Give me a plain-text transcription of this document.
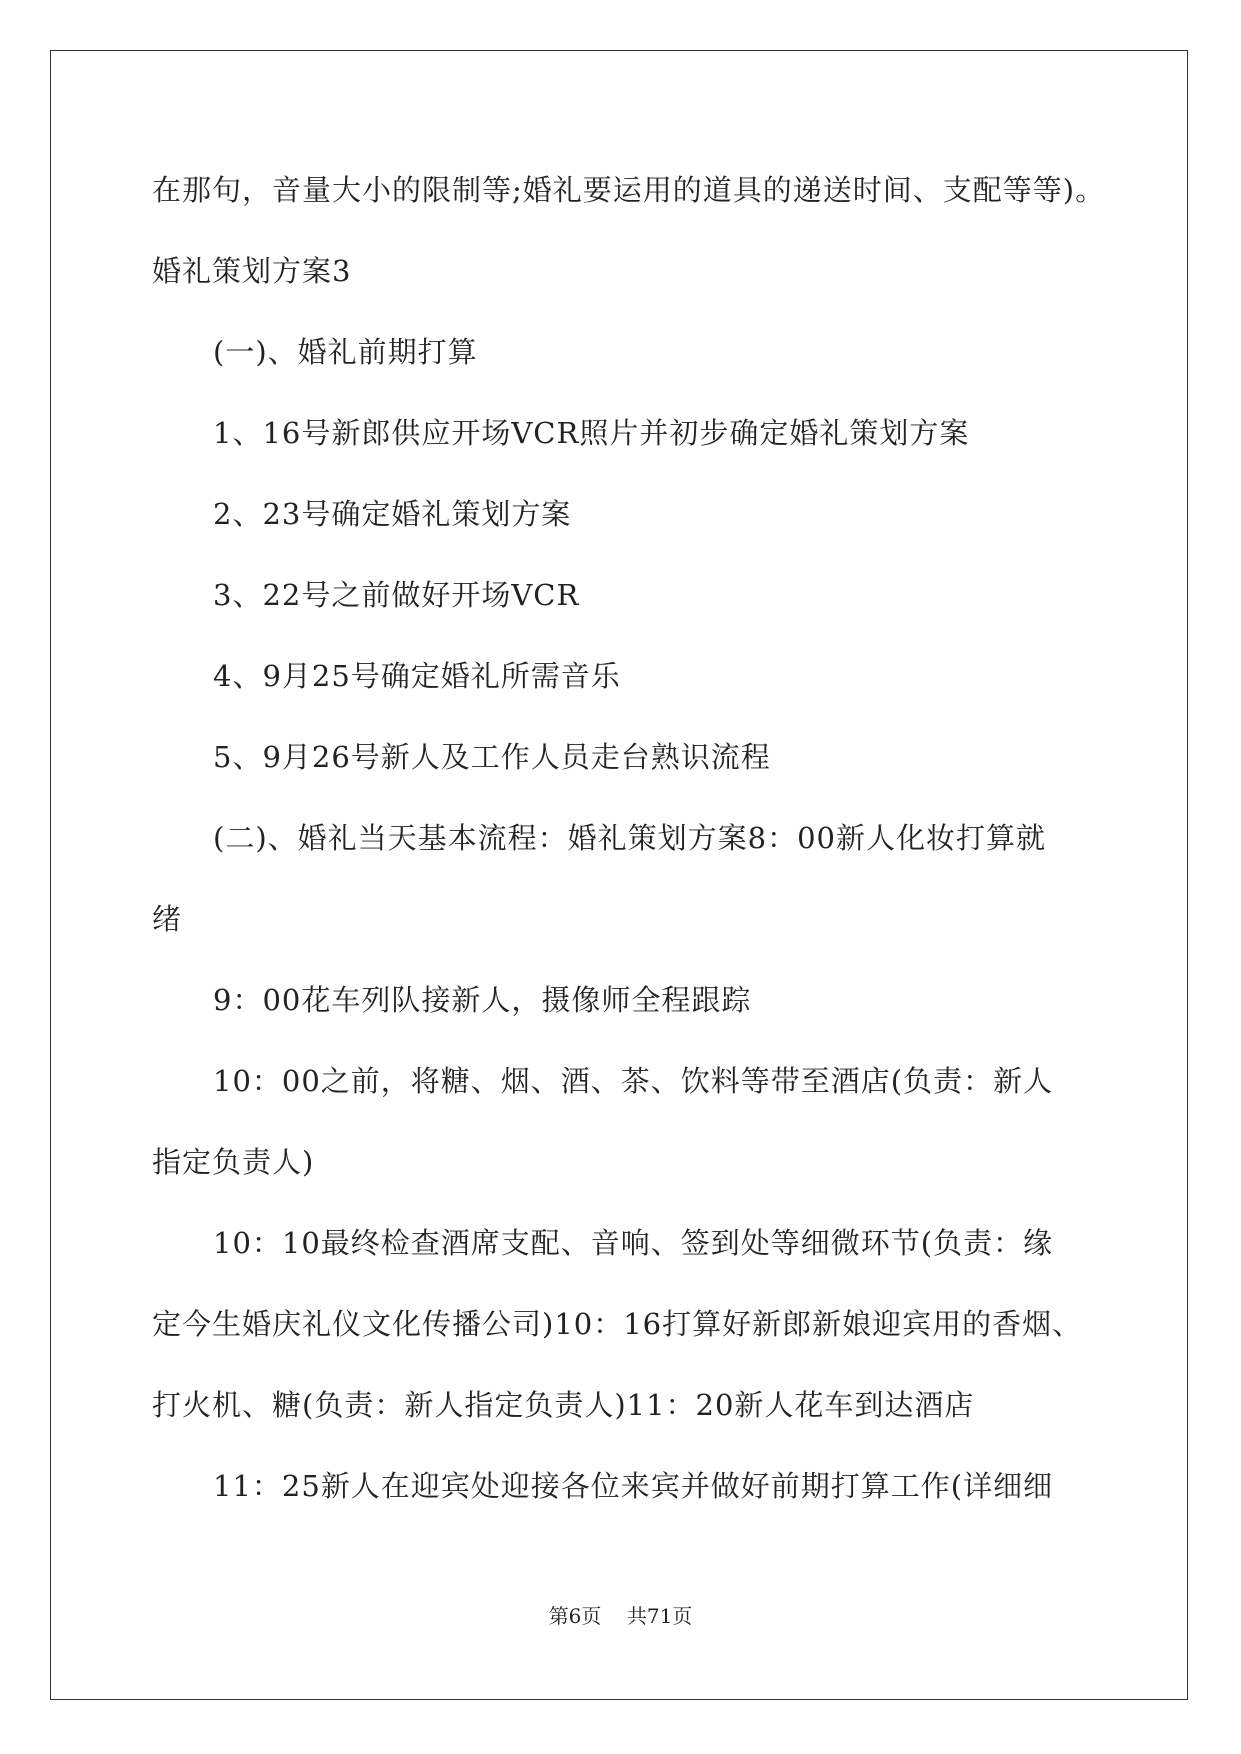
在那句，音量大小的限制等;婚礼要运用的道具的递送时间、支配等等)。
婚礼策划方案3
(一)、婚礼前期打算
1、16号新郎供应开场VCR照片并初步确定婚礼策划方案
2、23号确定婚礼策划方案
3、22号之前做好开场VCR
4、9月25号确定婚礼所需音乐
5、9月26号新人及工作人员走台熟识流程
(二)、婚礼当天基本流程：婚礼策划方案8：00新人化妆打算就
绪
9：00花车列队接新人，摄像师全程跟踪
10：00之前，将糖、烟、酒、茶、饮料等带至酒店(负责：新人
指定负责人)
10：10最终检查酒席支配、音响、签到处等细微环节(负责：缘
定今生婚庆礼仪文化传播公司)10：16打算好新郎新娘迎宾用的香烟、
打火机、糖(负责：新人指定负责人)11：20新人花车到达酒店
11：25新人在迎宾处迎接各位来宾并做好前期打算工作(详细细
第6页    共71页
